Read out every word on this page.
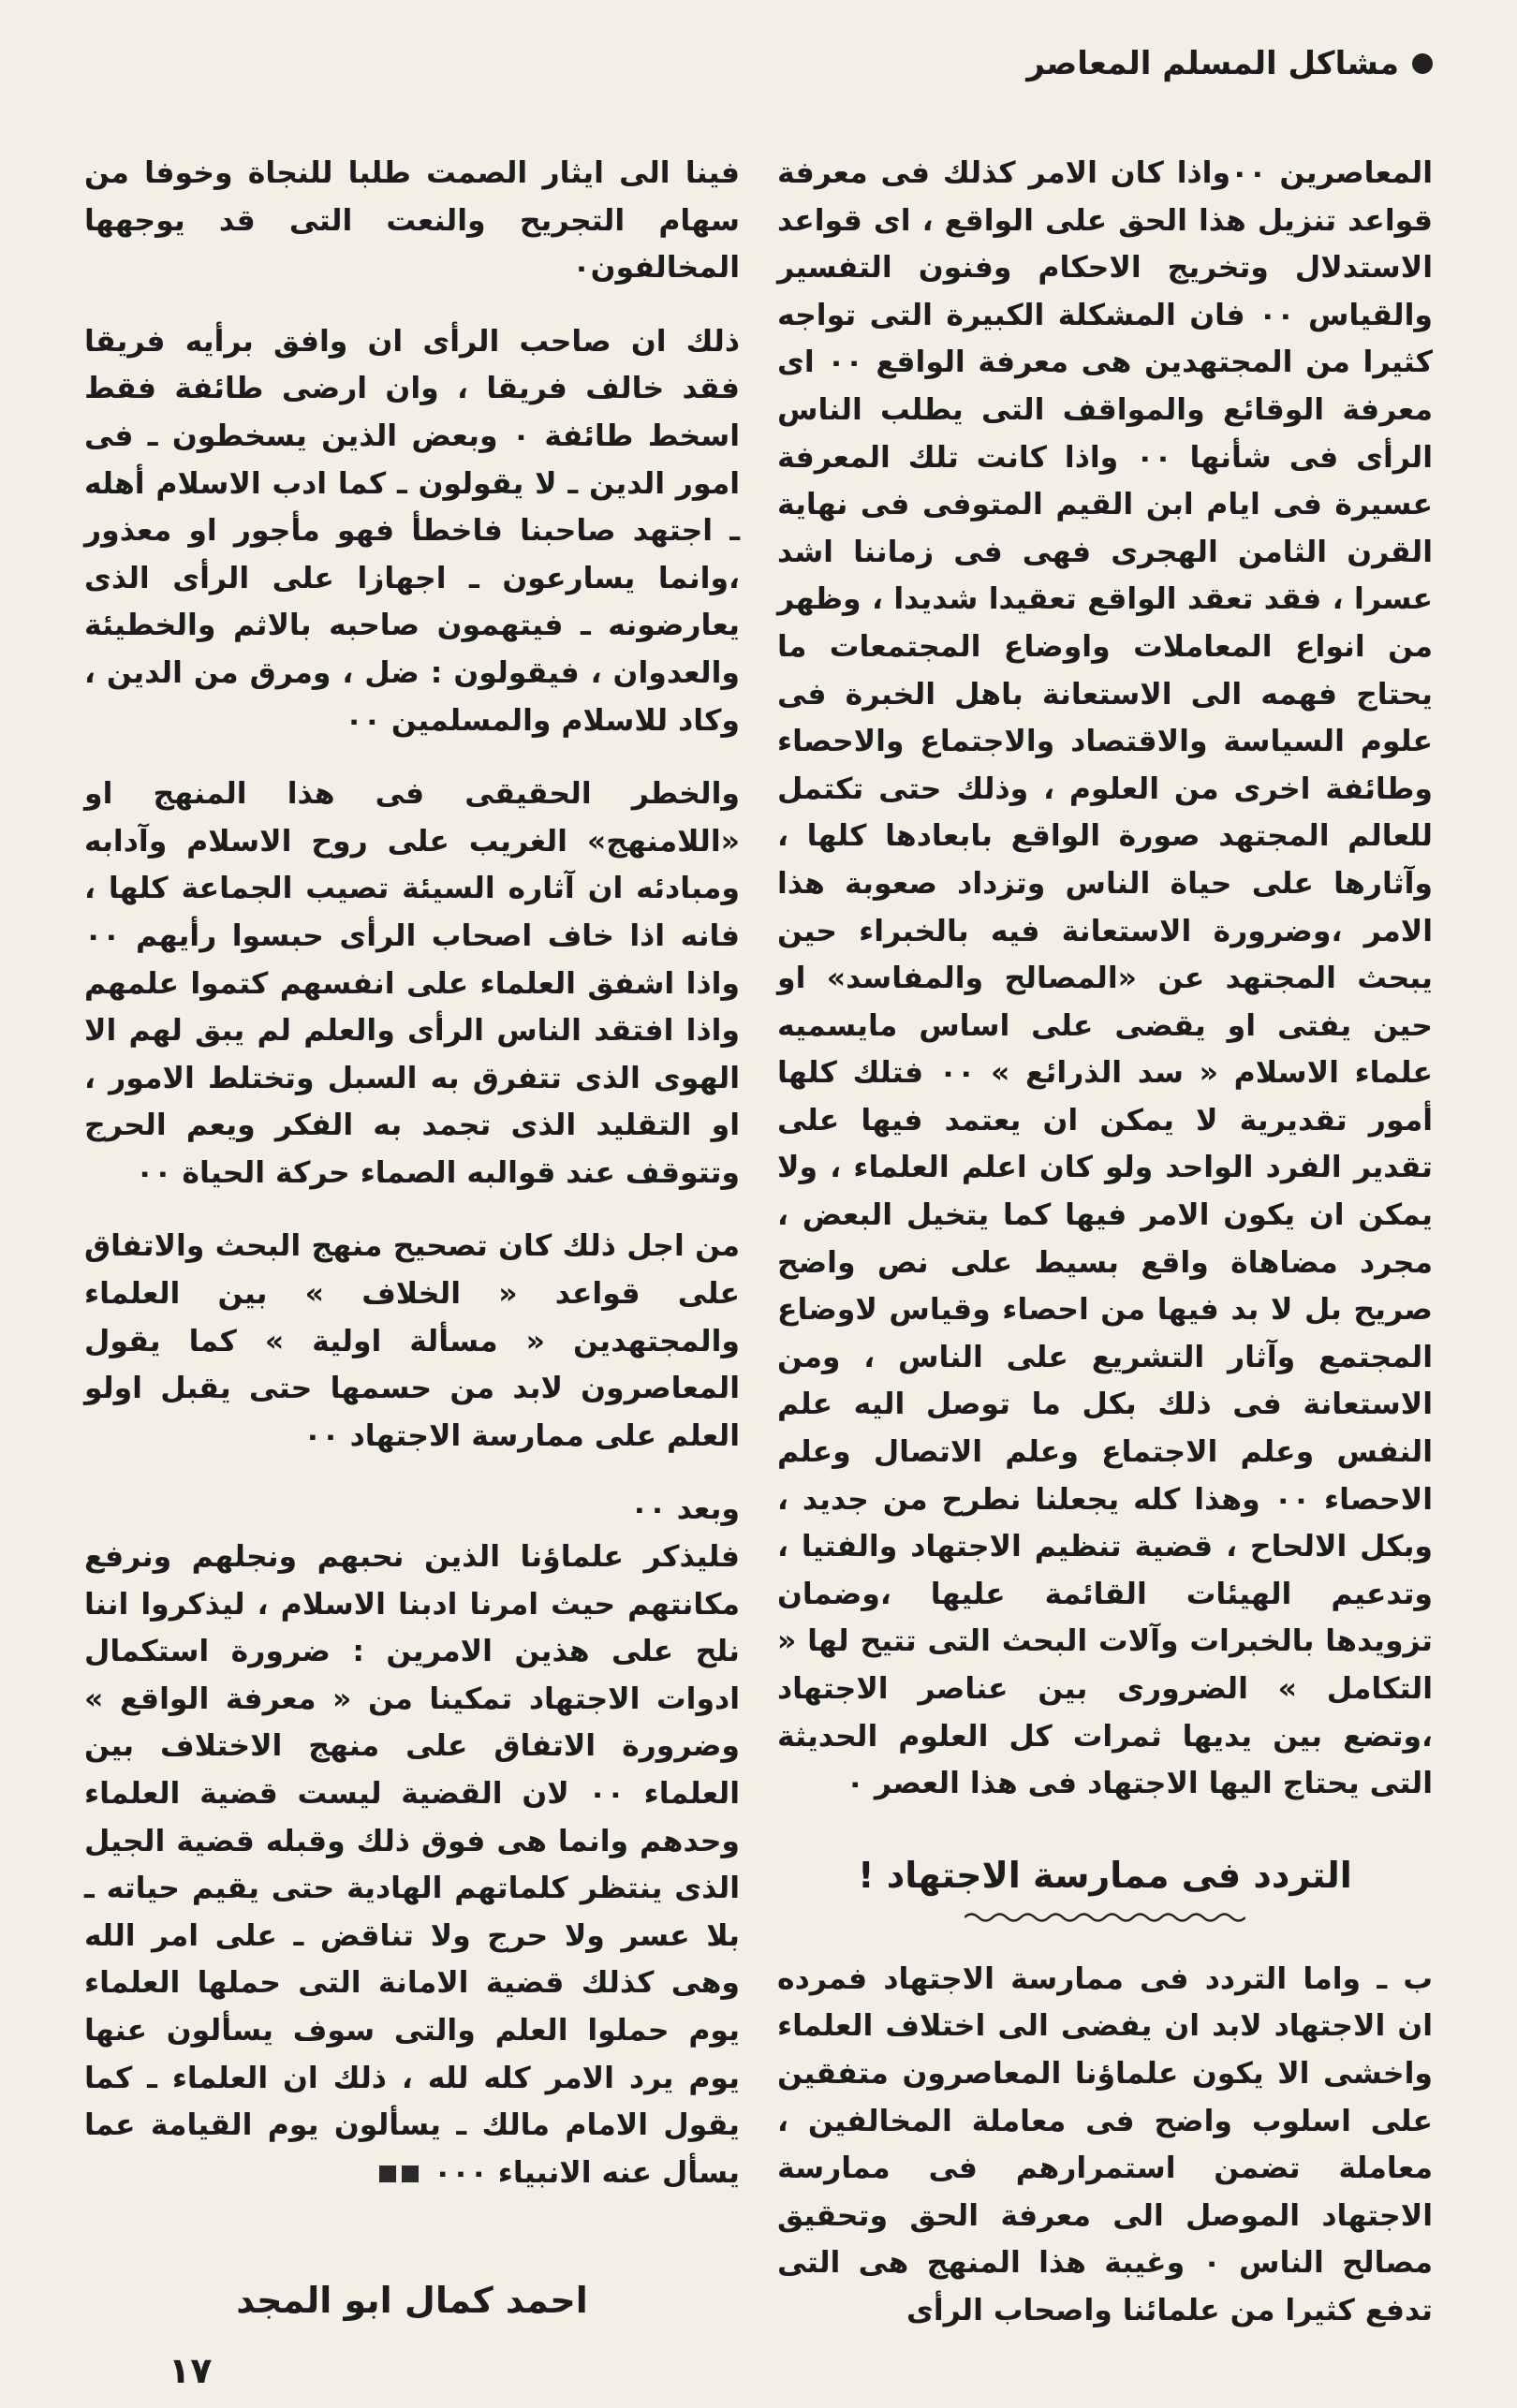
مشاكل المسلم المعاصر

المعاصرين ٠٠واذا كان الامر كذلك فى معرفة قواعد تنزيل هذا الحق على الواقع ، اى قواعد الاستدلال وتخريج الاحكام وفنون التفسير والقياس ٠٠ فان المشكلة الكبيرة التى تواجه كثيرا من المجتهدين هى معرفة الواقع ٠٠ اى معرفة الوقائع والمواقف التى يطلب الناس الرأى فى شأنها ٠٠ واذا كانت تلك المعرفة عسيرة فى ايام ابن القيم المتوفى فى نهاية القرن الثامن الهجرى فهى فى زماننا اشد عسرا ، فقد تعقد الواقع تعقيدا شديدا ، وظهر من انواع المعاملات واوضاع المجتمعات ما يحتاج فهمه الى الاستعانة باهل الخبرة فى علوم السياسة والاقتصاد والاجتماع والاحصاء وطائفة اخرى من العلوم ، وذلك حتى تكتمل للعالم المجتهد صورة الواقع بابعادها كلها ، وآثارها على حياة الناس وتزداد صعوبة هذا الامر ،وضرورة الاستعانة فيه بالخبراء حين يبحث المجتهد عن «المصالح والمفاسد» او حين يفتى او يقضى على اساس مايسميه علماء الاسلام « سد الذرائع » ٠٠ فتلك كلها أمور تقديرية لا يمكن ان يعتمد فيها على تقدير الفرد الواحد ولو كان اعلم العلماء ، ولا يمكن ان يكون الامر فيها كما يتخيل البعض ، مجرد مضاهاة واقع بسيط على نص واضح صريح بل لا بد فيها من احصاء وقياس لاوضاع المجتمع وآثار التشريع على الناس ، ومن الاستعانة فى ذلك بكل ما توصل اليه علم النفس وعلم الاجتماع وعلم الاتصال وعلم الاحصاء ٠٠ وهذا كله يجعلنا نطرح من جديد ، وبكل الالحاح ، قضية تنظيم الاجتهاد والفتيا ، وتدعيم الهيئات القائمة عليها ،وضمان تزويدها بالخبرات وآلات البحث التى تتيح لها « التكامل » الضرورى بين عناصر الاجتهاد ،وتضع بين يديها ثمرات كل العلوم الحديثة التى يحتاج اليها الاجتهاد فى هذا العصر ٠

التردد فى ممارسة الاجتهاد !

ب ـ واما التردد فى ممارسة الاجتهاد فمرده ان الاجتهاد لابد ان يفضى الى اختلاف العلماء واخشى الا يكون علماؤنا المعاصرون متفقين على اسلوب واضح فى معاملة المخالفين ، معاملة تضمن استمرارهم فى ممارسة الاجتهاد الموصل الى معرفة الحق وتحقيق مصالح الناس ٠ وغيبة هذا المنهج هى التى تدفع كثيرا من علمائنا واصحاب الرأى

فينا الى ايثار الصمت طلبا للنجاة وخوفا من سهام التجريح والنعت التى قد يوجهها المخالفون٠

ذلك ان صاحب الرأى ان وافق برأيه فريقا فقد خالف فريقا ، وان ارضى طائفة فقط اسخط طائفة ٠ وبعض الذين يسخطون ـ فى امور الدين ـ لا يقولون ـ كما ادب الاسلام أهله ـ اجتهد صاحبنا فاخطأ فهو مأجور او معذور ،وانما يسارعون ـ اجهازا على الرأى الذى يعارضونه ـ فيتهمون صاحبه بالاثم والخطيئة والعدوان ، فيقولون : ضل ، ومرق من الدين ، وكاد للاسلام والمسلمين ٠٠

والخطر الحقيقى فى هذا المنهج او «اللامنهج» الغريب على روح الاسلام وآدابه ومبادئه ان آثاره السيئة تصيب الجماعة كلها ، فانه اذا خاف اصحاب الرأى حبسوا رأيهم ٠٠ واذا اشفق العلماء على انفسهم كتموا علمهم واذا افتقد الناس الرأى والعلم لم يبق لهم الا الهوى الذى تتفرق به السبل وتختلط الامور ، او التقليد الذى تجمد به الفكر ويعم الحرج وتتوقف عند قوالبه الصماء حركة الحياة ٠٠

من اجل ذلك كان تصحيح منهج البحث والاتفاق على قواعد « الخلاف » بين العلماء والمجتهدين « مسألة اولية » كما يقول المعاصرون لابد من حسمها حتى يقبل اولو العلم على ممارسة الاجتهاد ٠٠

وبعد ٠٠

فليذكر علماؤنا الذين نحبهم ونجلهم ونرفع مكانتهم حيث امرنا ادبنا الاسلام ، ليذكروا اننا نلح على هذين الامرين : ضرورة استكمال ادوات الاجتهاد تمكينا من « معرفة الواقع » وضرورة الاتفاق على منهج الاختلاف بين العلماء ٠٠ لان القضية ليست قضية العلماء وحدهم وانما هى فوق ذلك وقبله قضية الجيل الذى ينتظر كلماتهم الهادية حتى يقيم حياته ـ بلا عسر ولا حرج ولا تناقض ـ على امر الله وهى كذلك قضية الامانة التى حملها العلماء يوم حملوا العلم والتى سوف يسألون عنها يوم يرد الامر كله لله ، ذلك ان العلماء ـ كما يقول الامام مالك ـ يسألون يوم القيامة عما يسأل عنه الانبياء ٠٠٠

احمد كمال ابو المجد
١٧
